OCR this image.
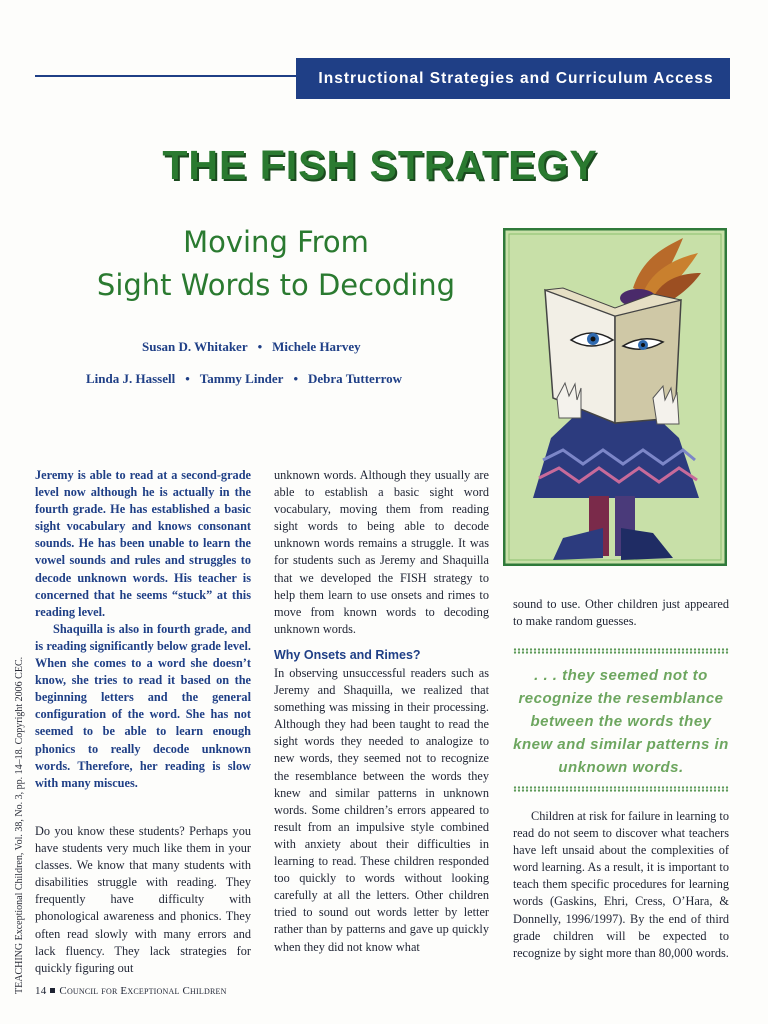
Instructional Strategies and Curriculum Access
THE FISH STRATEGY
Moving From
Sight Words to Decoding
Susan D. Whitaker • Michele Harvey
Linda J. Hassell • Tammy Linder • Debra Tutterrow

Jeremy is able to read at a second-grade level now although he is actually in the fourth grade. He has established a basic sight vocabulary and knows consonant sounds. He has been unable to learn the vowel sounds and rules and struggles to decode unknown words. His teacher is concerned that he seems “stuck” at this reading level.

Shaquilla is also in fourth grade, and is reading significantly below grade level. When she comes to a word she doesn’t know, she tries to read it based on the beginning letters and the general configuration of the word. She has not seemed to be able to learn enough phonics to really decode unknown words. Therefore, her reading is slow with many miscues.

Do you know these students? Perhaps you have students very much like them in your classes. We know that many students with disabilities struggle with reading. They frequently have difficulty with phonological awareness and phonics. They often read slowly with many errors and lack fluency. They lack strategies for quickly figuring out

unknown words. Although they usually are able to establish a basic sight word vocabulary, moving them from reading sight words to being able to decode unknown words remains a struggle. It was for students such as Jeremy and Shaquilla that we developed the FISH strategy to help them learn to use onsets and rimes to move from known words to decoding unknown words.

Why Onsets and Rimes?

In observing unsuccessful readers such as Jeremy and Shaquilla, we realized that something was missing in their processing. Although they had been taught to read the sight words they needed to analogize to new words, they seemed not to recognize the resemblance between the words they knew and similar patterns in unknown words. Some children’s errors appeared to result from an impulsive style combined with anxiety about their difficulties in learning to read. These children responded too quickly to words without looking carefully at all the letters. Other children tried to sound out words letter by letter rather than by patterns and gave up quickly when they did not know what

sound to use. Other children just appeared to make random guesses.

. . . they seemed not to recognize the resemblance between the words they knew and similar patterns in unknown words.

Children at risk for failure in learning to read do not seem to discover what teachers have left unsaid about the complexities of word learning. As a result, it is important to teach them specific procedures for learning words (Gaskins, Ehri, Cress, O’Hara, & Donnelly, 1996/1997). By the end of third grade children will be expected to recognize by sight more than 80,000 words.

TEACHING Exceptional Children, Vol. 38, No. 3, pp. 14–18. Copyright 2006 CEC. 14 Council for Exceptional Children
